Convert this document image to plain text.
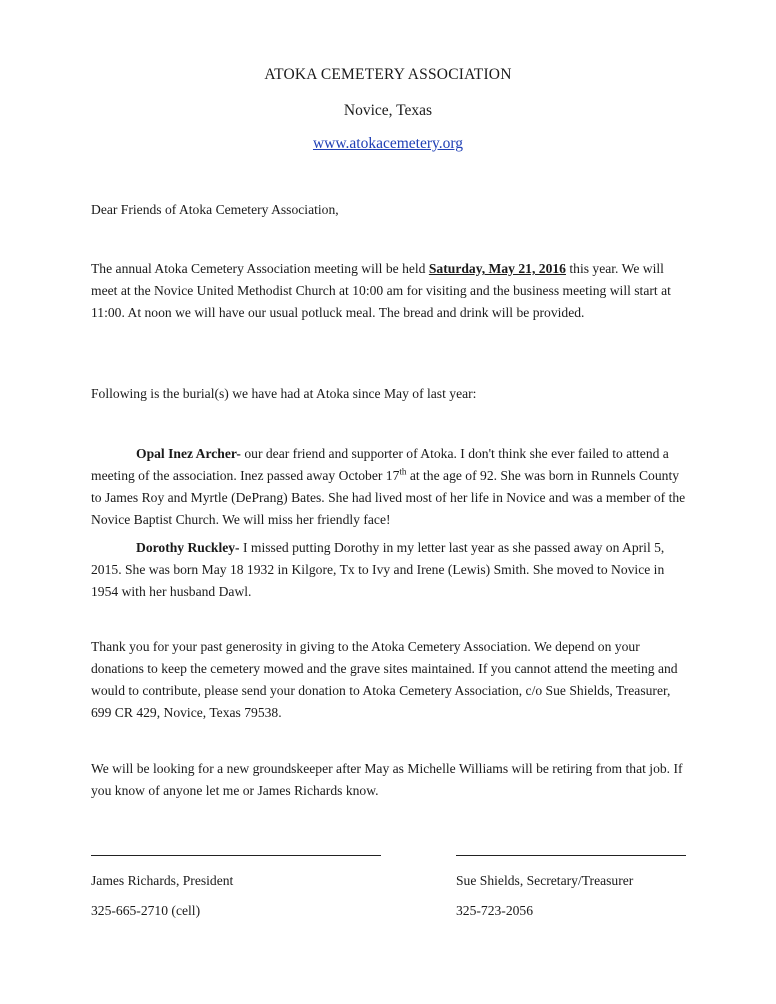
ATOKA CEMETERY ASSOCIATION
Novice, Texas
www.atokacemetery.org

Dear Friends of Atoka Cemetery Association,

The annual Atoka Cemetery Association meeting will be held Saturday, May 21, 2016 this year. We will meet at the Novice United Methodist Church at 10:00 am for visiting and the business meeting will start at 11:00. At noon we will have our usual potluck meal. The bread and drink will be provided.

Following is the burial(s) we have had at Atoka since May of last year:

Opal Inez Archer- our dear friend and supporter of Atoka. I don't think she ever failed to attend a meeting of the association. Inez passed away October 17th at the age of 92. She was born in Runnels County to James Roy and Myrtle (DePrang) Bates. She had lived most of her life in Novice and was a member of the Novice Baptist Church. We will miss her friendly face!

Dorothy Ruckley- I missed putting Dorothy in my letter last year as she passed away on April 5, 2015. She was born May 18 1932 in Kilgore, Tx to Ivy and Irene (Lewis) Smith. She moved to Novice in 1954 with her husband Dawl.

Thank you for your past generosity in giving to the Atoka Cemetery Association. We depend on your donations to keep the cemetery mowed and the grave sites maintained. If you cannot attend the meeting and would to contribute, please send your donation to Atoka Cemetery Association, c/o Sue Shields, Treasurer, 699 CR 429, Novice, Texas 79538.

We will be looking for a new groundskeeper after May as Michelle Williams will be retiring from that job. If you know of anyone let me or James Richards know.

James Richards, President
325-665-2710 (cell)
Sue Shields, Secretary/Treasurer
325-723-2056
